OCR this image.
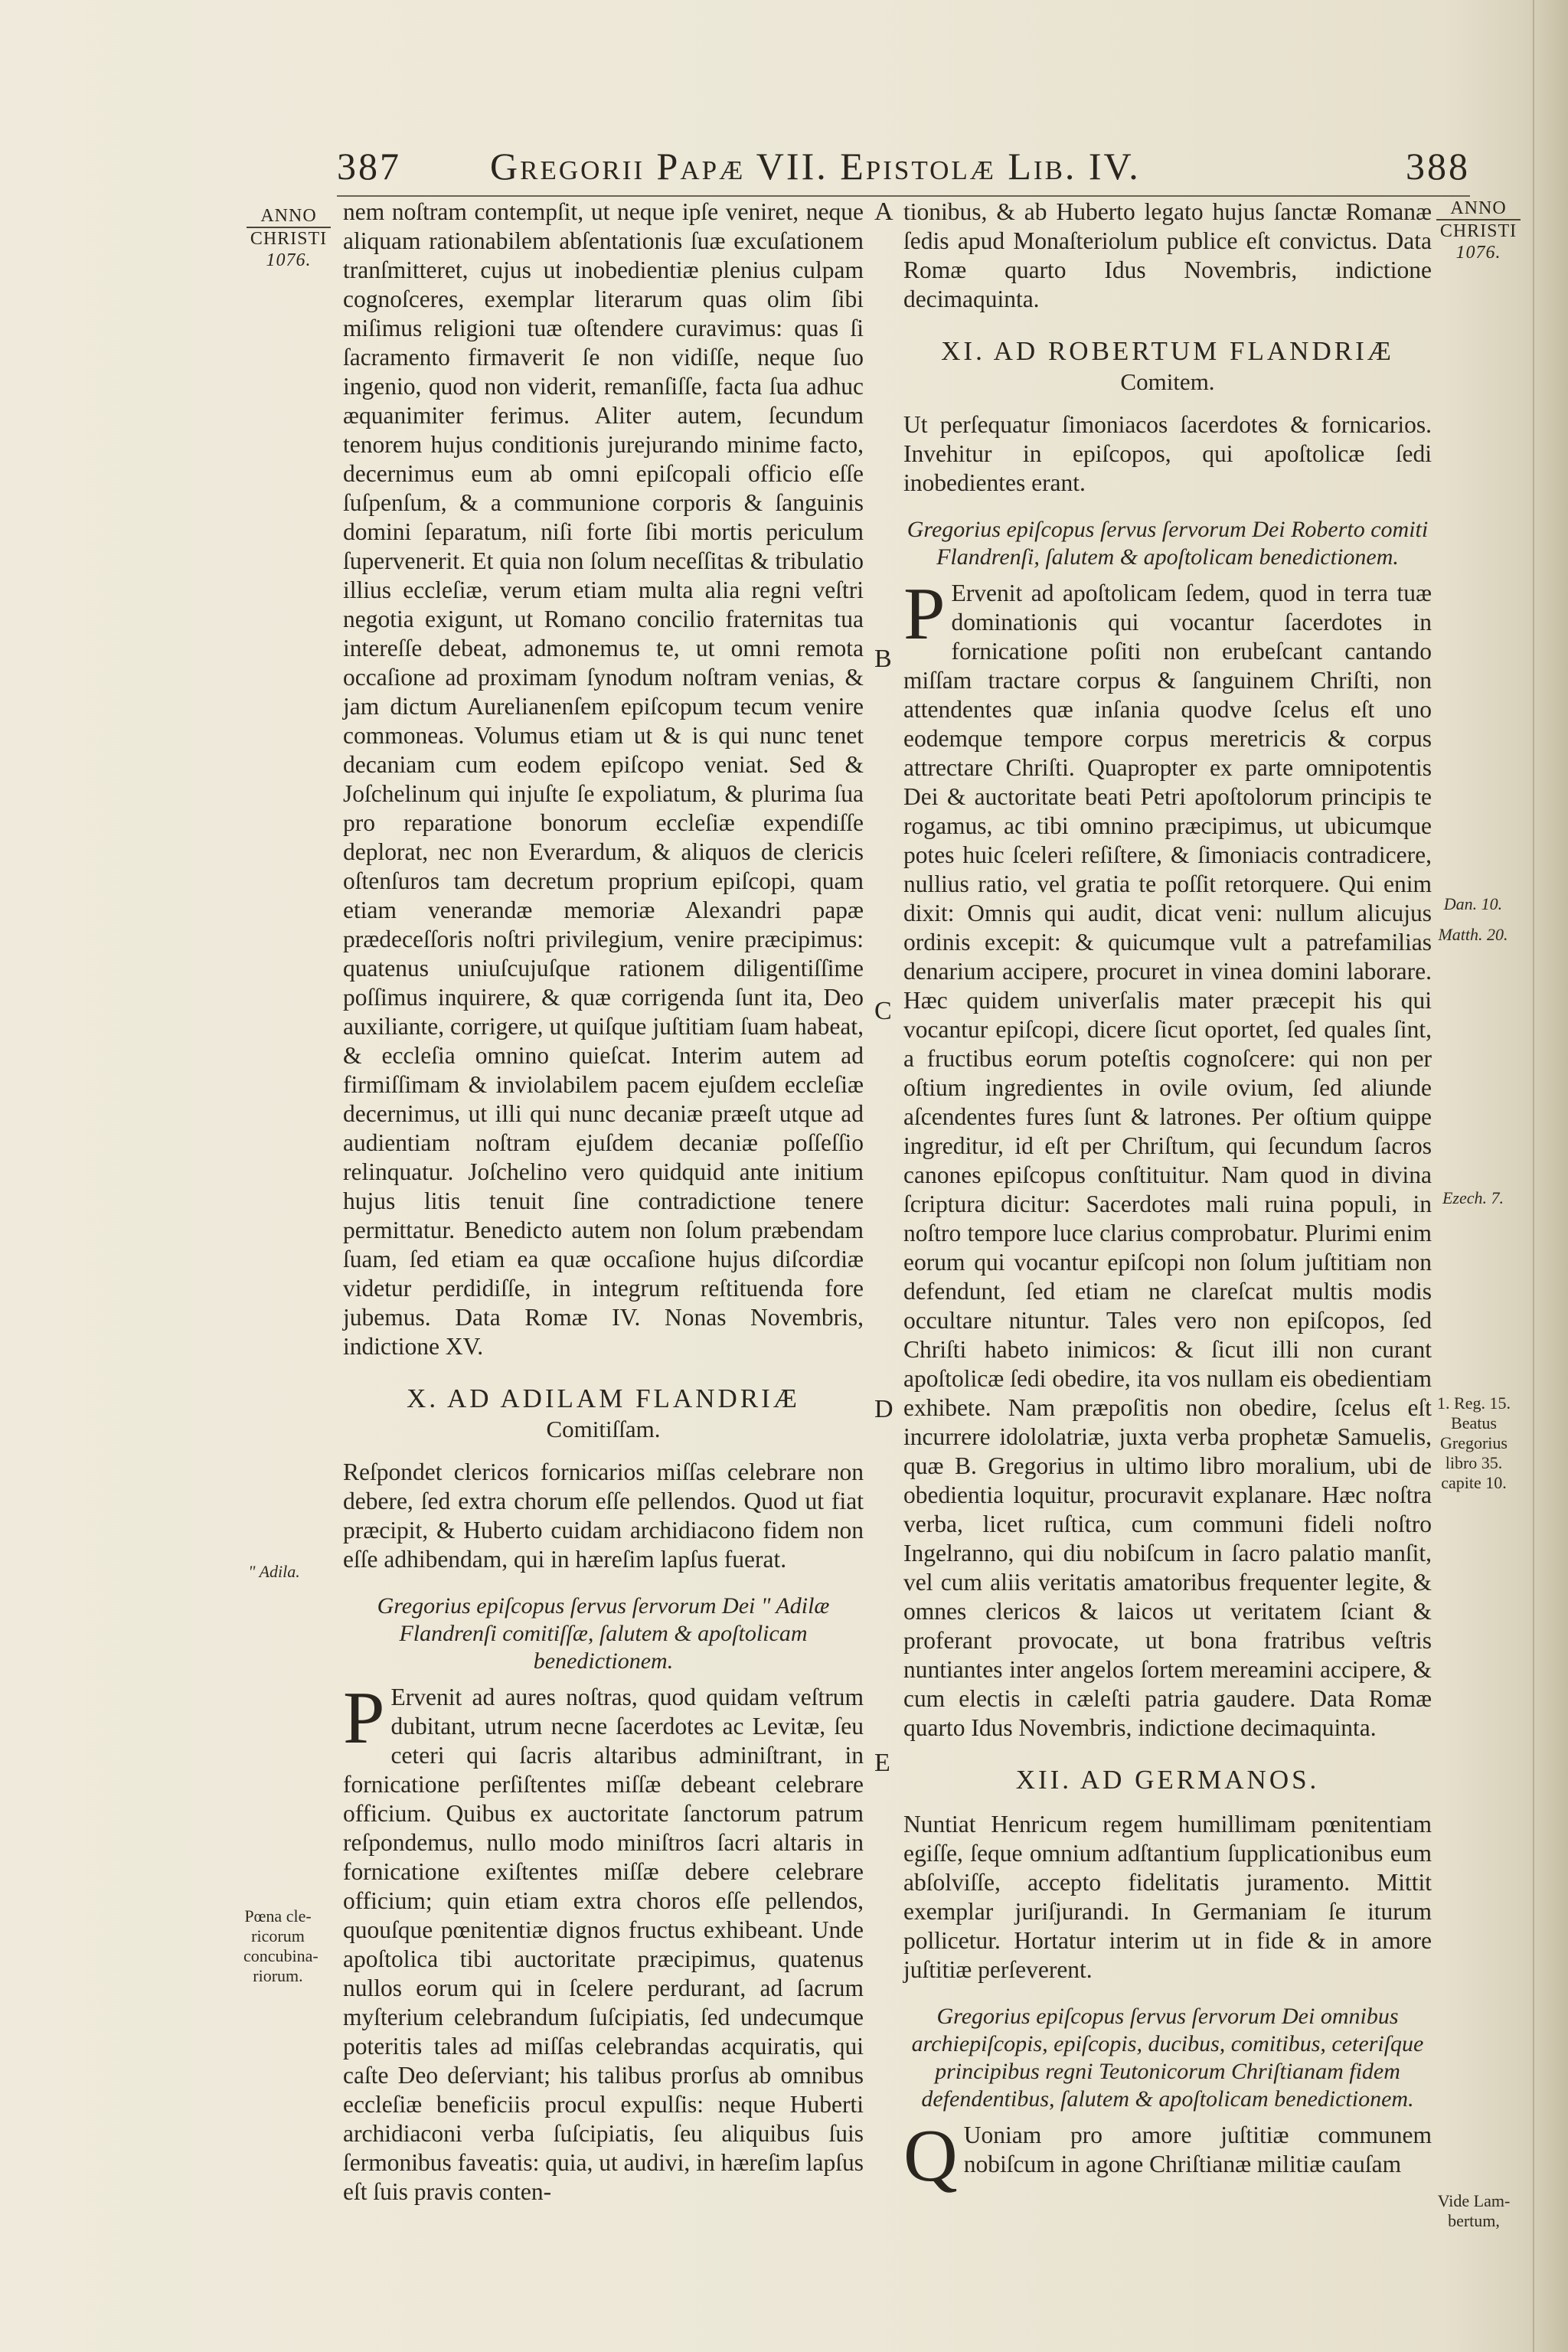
387 Gregorii Papæ VII. Epistolæ Lib. IV.	388
ANNO
CHRISTI
1076.
" Adila.
Pœna cle-ricorum concubina-riorum.
A
B
C
D
E
ANNO
CHRISTI
1076.
Dan. 10.
Matth. 20.
Ezech. 7.
1. Reg. 15. Beatus Gregorius libro 35. capite 10.
Vide Lam-bertum,

nem noſtram contempſit, ut neque ipſe veniret, neque aliquam rationabilem abſentationis ſuæ excuſationem tranſmitteret, cujus ut inobedientiæ plenius culpam cognoſceres, exemplar literarum quas olim ſibi miſimus religioni tuæ oſtendere curavimus: quas ſi ſacramento firmaverit ſe non vidiſſe, neque ſuo ingenio, quod non viderit, remanſiſſe, facta ſua adhuc æquanimiter ferimus. Aliter autem, ſecundum tenorem hujus conditionis jurejurando minime facto, decernimus eum ab omni epiſcopali officio eſſe ſuſpenſum, & a communione corporis & ſanguinis domini ſeparatum, niſi forte ſibi mortis periculum ſupervenerit. Et quia non ſolum neceſſitas & tribulatio illius eccleſiæ, verum etiam multa alia regni veſtri negotia exigunt, ut Romano concilio fraternitas tua intereſſe debeat, admonemus te, ut omni remota occaſione ad proximam ſynodum noſtram venias, & jam dictum Aurelianenſem epiſcopum tecum venire commoneas. Volumus etiam ut & is qui nunc tenet decaniam cum eodem epiſcopo veniat. Sed & Joſchelinum qui injuſte ſe expoliatum, & plurima ſua pro reparatione bonorum eccleſiæ expendiſſe deplorat, nec non Everardum, & aliquos de clericis oſtenſuros tam decretum proprium epiſcopi, quam etiam venerandæ memoriæ Alexandri papæ prædeceſſoris noſtri privilegium, venire præcipimus: quatenus uniuſcujuſque rationem diligentiſſime poſſimus inquirere, & quæ corrigenda ſunt ita, Deo auxiliante, corrigere, ut quiſque juſtitiam ſuam habeat, & eccleſia omnino quieſcat. Interim autem ad firmiſſimam & inviolabilem pacem ejuſdem eccleſiæ decernimus, ut illi qui nunc decaniæ præeſt utque ad audientiam noſtram ejuſdem decaniæ poſſeſſio relinquatur. Joſchelino vero quidquid ante initium hujus litis tenuit ſine contradictione tenere permittatur. Benedicto autem non ſolum præbendam ſuam, ſed etiam ea quæ occaſione hujus diſcordiæ videtur perdidiſſe, in integrum reſtituenda fore jubemus. Data Romæ IV. Nonas Novembris, indictione XV.

X. AD ADILAM FLANDRIÆ
Comitiſſam.

Reſpondet clericos fornicarios miſſas celebrare non debere, ſed extra chorum eſſe pellendos. Quod ut fiat præcipit, & Huberto cuidam archidiacono fidem non eſſe adhibendam, qui in hæreſim lapſus fuerat.

Gregorius epiſcopus ſervus ſervorum Dei " Adilæ Flandrenſi comitiſſæ, ſalutem & apoſtolicam benedictionem.

P Ervenit ad aures noſtras, quod quidam veſtrum dubitant, utrum necne ſacerdotes ac Levitæ, ſeu ceteri qui ſacris altaribus adminiſtrant, in fornicatione perſiſtentes miſſæ debeant celebrare officium. Quibus ex auctoritate ſanctorum patrum reſpondemus, nullo modo miniſtros ſacri altaris in fornicatione exiſtentes miſſæ debere celebrare officium; quin etiam extra choros eſſe pellendos, quouſque pœnitentiæ dignos fructus exhibeant. Unde apoſtolica tibi auctoritate præcipimus, quatenus nullos eorum qui in ſcelere perdurant, ad ſacrum myſterium celebrandum ſuſcipiatis, ſed undecumque poteritis tales ad miſſas celebrandas acquiratis, qui caſte Deo deſerviant; his talibus prorſus ab omnibus eccleſiæ beneficiis procul expulſis: neque Huberti archidiaconi verba ſuſcipiatis, ſeu aliquibus ſuis ſermonibus faveatis: quia, ut audivi, in hæreſim lapſus eſt ſuis pravis conten-

tionibus, & ab Huberto legato hujus ſanctæ Romanæ ſedis apud Monaſteriolum publice eſt convictus. Data Romæ quarto Idus Novembris, indictione decimaquinta.

XI. AD ROBERTUM FLANDRIÆ
Comitem.

Ut perſequatur ſimoniacos ſacerdotes & fornicarios. Invehitur in epiſcopos, qui apoſtolicæ ſedi inobedientes erant.

Gregorius epiſcopus ſervus ſervorum Dei Roberto comiti Flandrenſi, ſalutem & apoſtolicam benedictionem.

P Ervenit ad apoſtolicam ſedem, quod in terra tuæ dominationis qui vocantur ſacerdotes in fornicatione poſiti non erubeſcant cantando miſſam tractare corpus & ſanguinem Chriſti, non attendentes quæ inſania quodve ſcelus eſt uno eodemque tempore corpus meretricis & corpus attrectare Chriſti. Quapropter ex parte omnipotentis Dei & auctoritate beati Petri apoſtolorum principis te rogamus, ac tibi omnino præcipimus, ut ubicumque potes huic ſceleri reſiſtere, & ſimoniacis contradicere, nullius ratio, vel gratia te poſſit retorquere. Qui enim dixit: Omnis qui audit, dicat veni: nullum alicujus ordinis excepit: & quicumque vult a patrefamilias denarium accipere, procuret in vinea domini laborare. Hæc quidem univerſalis mater præcepit his qui vocantur epiſcopi, dicere ſicut oportet, ſed quales ſint, a fructibus eorum poteſtis cognoſcere: qui non per oſtium ingredientes in ovile ovium, ſed aliunde aſcendentes fures ſunt & latrones. Per oſtium quippe ingreditur, id eſt per Chriſtum, qui ſecundum ſacros canones epiſcopus conſtituitur. Nam quod in divina ſcriptura dicitur: Sacerdotes mali ruina populi, in noſtro tempore luce clarius comprobatur. Plurimi enim eorum qui vocantur epiſcopi non ſolum juſtitiam non defendunt, ſed etiam ne clareſcat multis modis occultare nituntur. Tales vero non epiſcopos, ſed Chriſti habeto inimicos: & ſicut illi non curant apoſtolicæ ſedi obedire, ita vos nullam eis obedientiam exhibete. Nam præpoſitis non obedire, ſcelus eſt incurrere idololatriæ, juxta verba prophetæ Samuelis, quæ B. Gregorius in ultimo libro moralium, ubi de obedientia loquitur, procuravit explanare. Hæc noſtra verba, licet ruſtica, cum communi fideli noſtro Ingelranno, qui diu nobiſcum in ſacro palatio manſit, vel cum aliis veritatis amatoribus frequenter legite, & omnes clericos & laicos ut veritatem ſciant & proferant provocate, ut bona fratribus veſtris nuntiantes inter angelos ſortem mereamini accipere, & cum electis in cæleſti patria gaudere. Data Romæ quarto Idus Novembris, indictione decimaquinta.

XII. AD GERMANOS.

Nuntiat Henricum regem humillimam pœnitentiam egiſſe, ſeque omnium adſtantium ſupplicationibus eum abſolviſſe, accepto fidelitatis juramento. Mittit exemplar juriſjurandi. In Germaniam ſe iturum pollicetur. Hortatur interim ut in fide & in amore juſtitiæ perſeverent.

Gregorius epiſcopus ſervus ſervorum Dei omnibus archiepiſcopis, epiſcopis, ducibus, comitibus, ceteriſque principibus regni Teutonicorum Chriſtianam fidem defendentibus, ſalutem & apoſtolicam benedictionem.

Q Uoniam pro amore juſtitiæ communem nobiſcum in agone Chriſtianæ militiæ cauſam
